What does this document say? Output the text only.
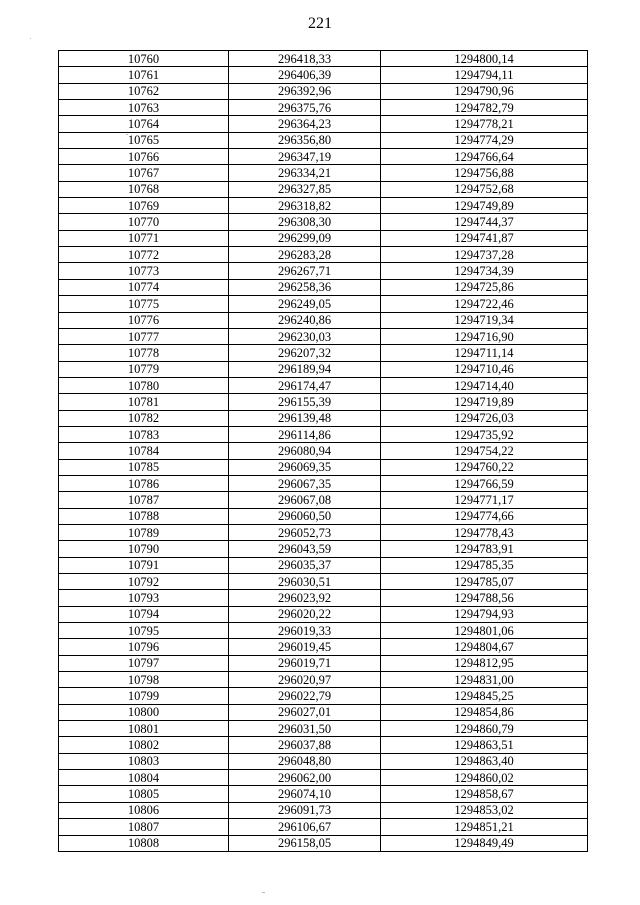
221
10760	296418,33	1294800,14
10761	296406,39	1294794,11
10762	296392,96	1294790,96
10763	296375,76	1294782,79
10764	296364,23	1294778,21
10765	296356,80	1294774,29
10766	296347,19	1294766,64
10767	296334,21	1294756,88
10768	296327,85	1294752,68
10769	296318,82	1294749,89
10770	296308,30	1294744,37
10771	296299,09	1294741,87
10772	296283,28	1294737,28
10773	296267,71	1294734,39
10774	296258,36	1294725,86
10775	296249,05	1294722,46
10776	296240,86	1294719,34
10777	296230,03	1294716,90
10778	296207,32	1294711,14
10779	296189,94	1294710,46
10780	296174,47	1294714,40
10781	296155,39	1294719,89
10782	296139,48	1294726,03
10783	296114,86	1294735,92
10784	296080,94	1294754,22
10785	296069,35	1294760,22
10786	296067,35	1294766,59
10787	296067,08	1294771,17
10788	296060,50	1294774,66
10789	296052,73	1294778,43
10790	296043,59	1294783,91
10791	296035,37	1294785,35
10792	296030,51	1294785,07
10793	296023,92	1294788,56
10794	296020,22	1294794,93
10795	296019,33	1294801,06
10796	296019,45	1294804,67
10797	296019,71	1294812,95
10798	296020,97	1294831,00
10799	296022,79	1294845,25
10800	296027,01	1294854,86
10801	296031,50	1294860,79
10802	296037,88	1294863,51
10803	296048,80	1294863,40
10804	296062,00	1294860,02
10805	296074,10	1294858,67
10806	296091,73	1294853,02
10807	296106,67	1294851,21
10808	296158,05	1294849,49
